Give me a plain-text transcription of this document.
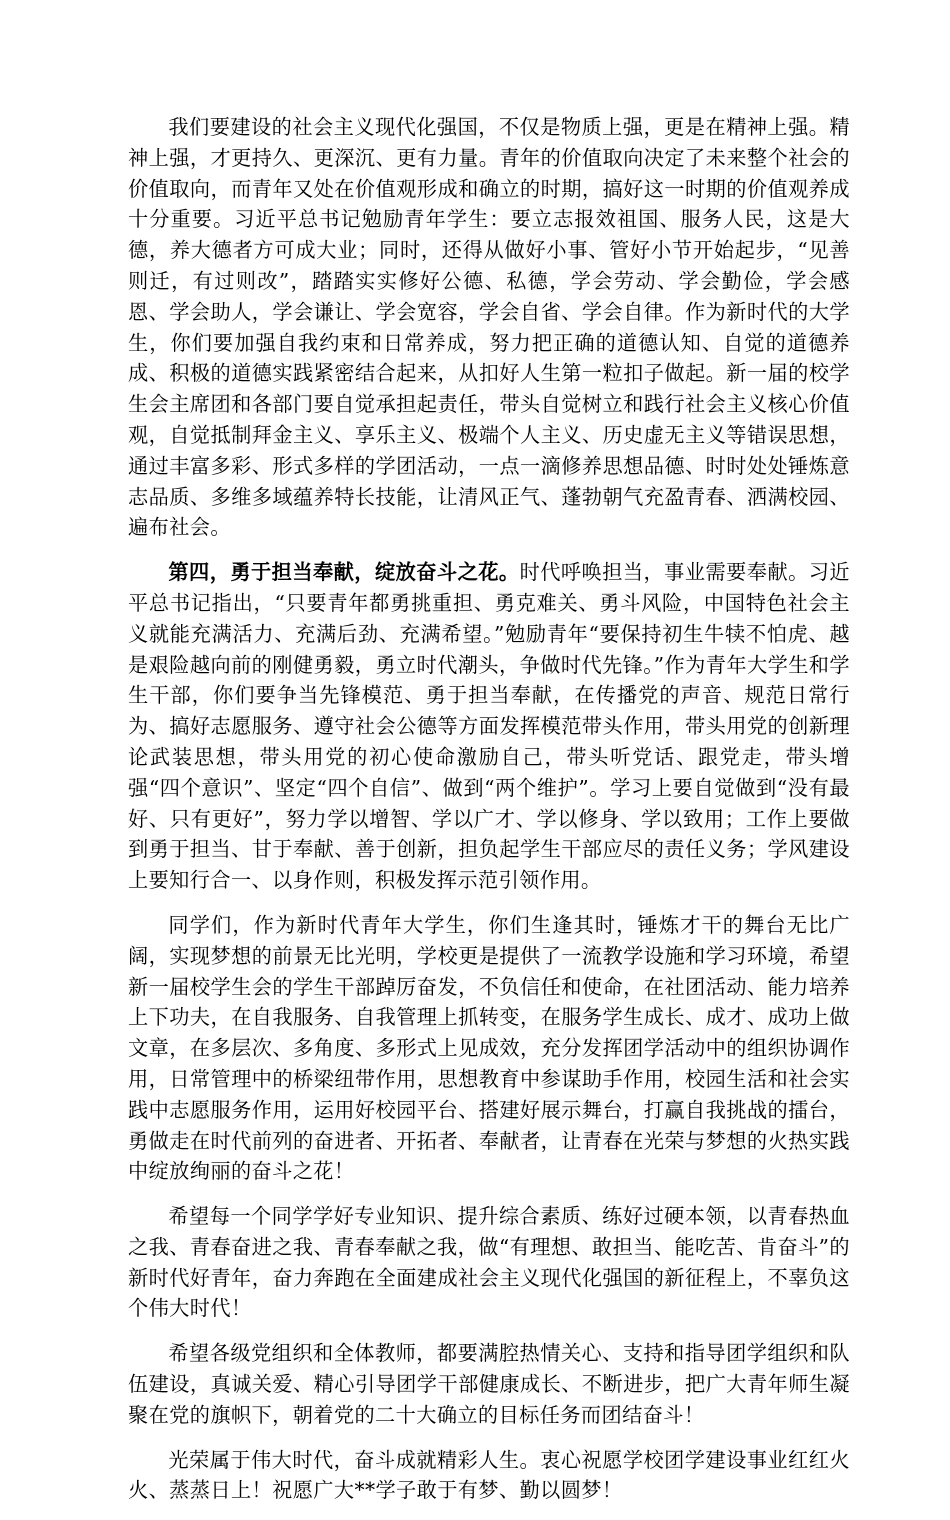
我们要建设的社会主义现代化强国，不仅是物质上强，更是在精神上强。精神上强，才更持久、更深沉、更有力量。青年的价值取向决定了未来整个社会的价值取向，而青年又处在价值观形成和确立的时期，搞好这一时期的价值观养成十分重要。习近平总书记勉励青年学生：要立志报效祖国、服务人民，这是大德，养大德者方可成大业；同时，还得从做好小事、管好小节开始起步，“见善则迁，有过则改”，踏踏实实修好公德、私德，学会劳动、学会勤俭，学会感恩、学会助人，学会谦让、学会宽容，学会自省、学会自律。作为新时代的大学生，你们要加强自我约束和日常养成，努力把正确的道德认知、自觉的道德养成、积极的道德实践紧密结合起来，从扣好人生第一粒扣子做起。新一届的校学生会主席团和各部门要自觉承担起责任，带头自觉树立和践行社会主义核心价值观，自觉抵制拜金主义、享乐主义、极端个人主义、历史虚无主义等错误思想，通过丰富多彩、形式多样的学团活动，一点一滴修养思想品德、时时处处锤炼意志品质、多维多域蕴养特长技能，让清风正气、蓬勃朝气充盈青春、洒满校园、遍布社会。

第四，勇于担当奉献，绽放奋斗之花。时代呼唤担当，事业需要奉献。习近平总书记指出，“只要青年都勇挑重担、勇克难关、勇斗风险，中国特色社会主义就能充满活力、充满后劲、充满希望。”勉励青年“要保持初生牛犊不怕虎、越是艰险越向前的刚健勇毅，勇立时代潮头，争做时代先锋。”作为青年大学生和学生干部，你们要争当先锋模范、勇于担当奉献，在传播党的声音、规范日常行为、搞好志愿服务、遵守社会公德等方面发挥模范带头作用，带头用党的创新理论武装思想，带头用党的初心使命激励自己，带头听党话、跟党走，带头增强“四个意识”、坚定“四个自信”、做到“两个维护”。学习上要自觉做到“没有最好、只有更好”，努力学以增智、学以广才、学以修身、学以致用；工作上要做到勇于担当、甘于奉献、善于创新，担负起学生干部应尽的责任义务；学风建设上要知行合一、以身作则，积极发挥示范引领作用。

同学们，作为新时代青年大学生，你们生逢其时，锤炼才干的舞台无比广阔，实现梦想的前景无比光明，学校更是提供了一流教学设施和学习环境，希望新一届校学生会的学生干部踔厉奋发，不负信任和使命，在社团活动、能力培养上下功夫，在自我服务、自我管理上抓转变，在服务学生成长、成才、成功上做文章，在多层次、多角度、多形式上见成效，充分发挥团学活动中的组织协调作用，日常管理中的桥梁纽带作用，思想教育中参谋助手作用，校园生活和社会实践中志愿服务作用，运用好校园平台、搭建好展示舞台，打赢自我挑战的擂台，勇做走在时代前列的奋进者、开拓者、奉献者，让青春在光荣与梦想的火热实践中绽放绚丽的奋斗之花！

希望每一个同学学好专业知识、提升综合素质、练好过硬本领，以青春热血之我、青春奋进之我、青春奉献之我，做“有理想、敢担当、能吃苦、肯奋斗”的新时代好青年，奋力奔跑在全面建成社会主义现代化强国的新征程上，不辜负这个伟大时代！

希望各级党组织和全体教师，都要满腔热情关心、支持和指导团学组织和队伍建设，真诚关爱、精心引导团学干部健康成长、不断进步，把广大青年师生凝聚在党的旗帜下，朝着党的二十大确立的目标任务而团结奋斗！

光荣属于伟大时代，奋斗成就精彩人生。衷心祝愿学校团学建设事业红红火火、蒸蒸日上！祝愿广大**学子敢于有梦、勤以圆梦！
